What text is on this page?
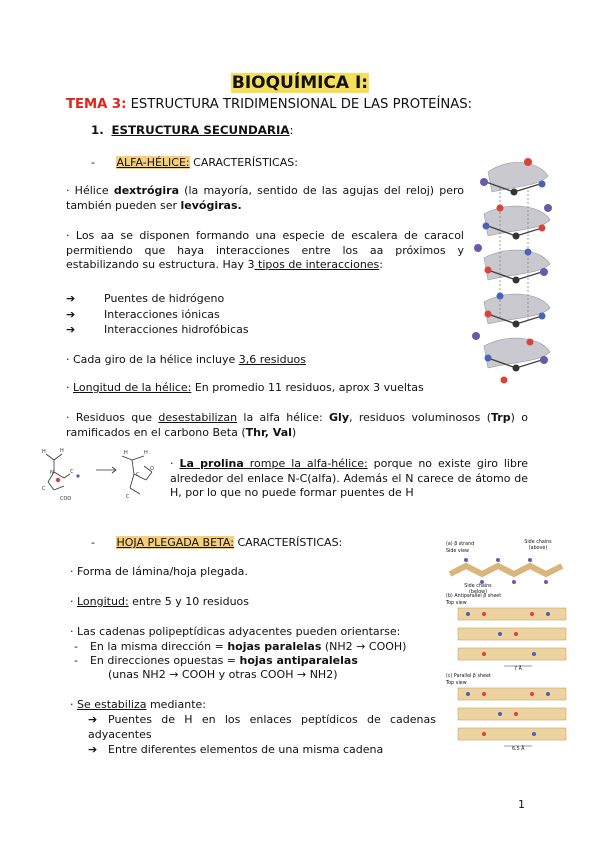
BIOQUÍMICA I:
TEMA 3: ESTRUCTURA TRIDIMENSIONAL DE LAS PROTEÍNAS:
1. ESTRUCTURA SECUNDARIA:
- ALFA-HÉLICE: CARACTERÍSTICAS:
· Hélice dextrógira (la mayoría, sentido de las agujas del reloj) pero también pueden ser levógiras.
· Los aa se disponen formando una especie de escalera de caracol permitiendo que haya interacciones entre los aa próximos y estabilizando su estructura. Hay 3 tipos de interacciones:
➔	Puentes de hidrógeno
➔	Interacciones iónicas
➔	Interacciones hidrofóbicas
· Cada giro de la hélice incluye 3,6 residuos
· Longitud de la hélice: En promedio 11 residuos, aprox 3 vueltas
· Residuos que desestabilizan la alfa hélice: Gly, residuos voluminosos (Trp) o ramificados en el carbono Beta (Thr, Val)
· La prolina rompe la alfa-hélice: porque no existe giro libre alrededor del enlace N-C(alfa). Además el N carece de átomo de H, por lo que no puede formar puentes de H
H	H
N	C
C
COO
H	H
C
O
C
- HOJA PLEGADA BETA: CARACTERÍSTICAS:
· Forma de lámina/hoja plegada.
· Longitud: entre 5 y 10 residuos
· Las cadenas polipeptídicas adyacentes pueden orientarse:
- En la misma dirección = hojas paralelas (NH2 → COOH)
- En direcciones opuestas = hojas antiparalelas
(unas NH2 → COOH y otras COOH → NH2)
· Se estabiliza mediante:
➔ Puentes de H en los enlaces peptídicos de cadenas adyacentes
➔ Entre diferentes elementos de una misma cadena
(a) β strand
Side view
Side chains (above)
Side chains (below)
(b) Antiparallel β sheet
Top view
7 Å
(c) Parallel β sheet
Top view
6.5 Å
1
